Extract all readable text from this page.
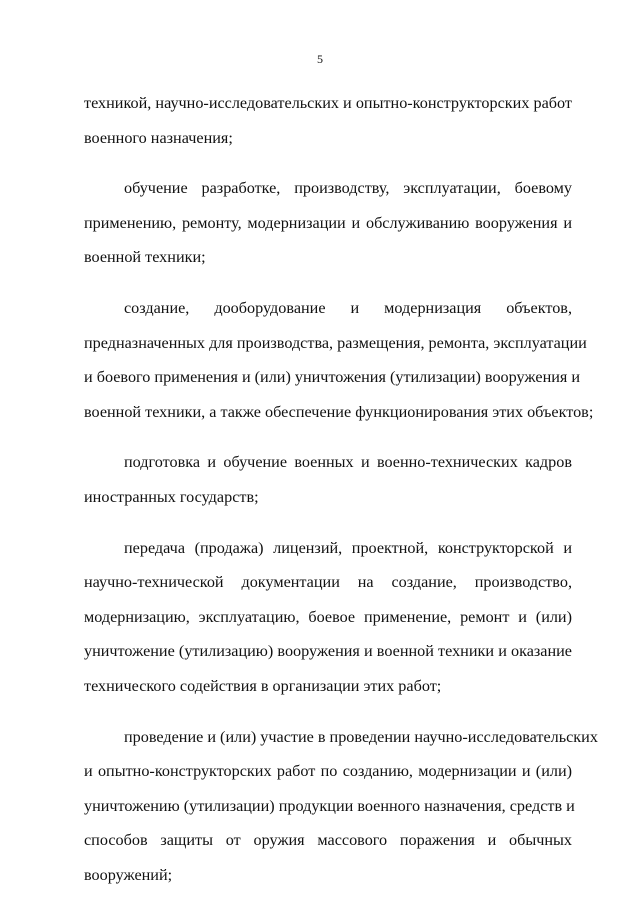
5
техникой, научно-исследовательских и опытно-конструкторских работ
военного назначения;
обучение разработке, производству, эксплуатации, боевому
применению, ремонту, модернизации и обслуживанию вооружения и
военной техники;
создание, дооборудование и модернизация объектов,
предназначенных для производства, размещения, ремонта, эксплуатации
и боевого применения и (или) уничтожения (утилизации) вооружения и
военной техники, а также обеспечение функционирования этих объектов;
подготовка и обучение военных и военно-технических кадров
иностранных государств;
передача (продажа) лицензий, проектной, конструкторской и
научно-технической документации на создание, производство,
модернизацию, эксплуатацию, боевое применение, ремонт и (или)
уничтожение (утилизацию) вооружения и военной техники и оказание
технического содействия в организации этих работ;
проведение и (или) участие в проведении научно-исследовательских
и опытно-конструкторских работ по созданию, модернизации и (или)
уничтожению (утилизации) продукции военного назначения, средств и
способов защиты от оружия массового поражения и обычных
вооружений;
